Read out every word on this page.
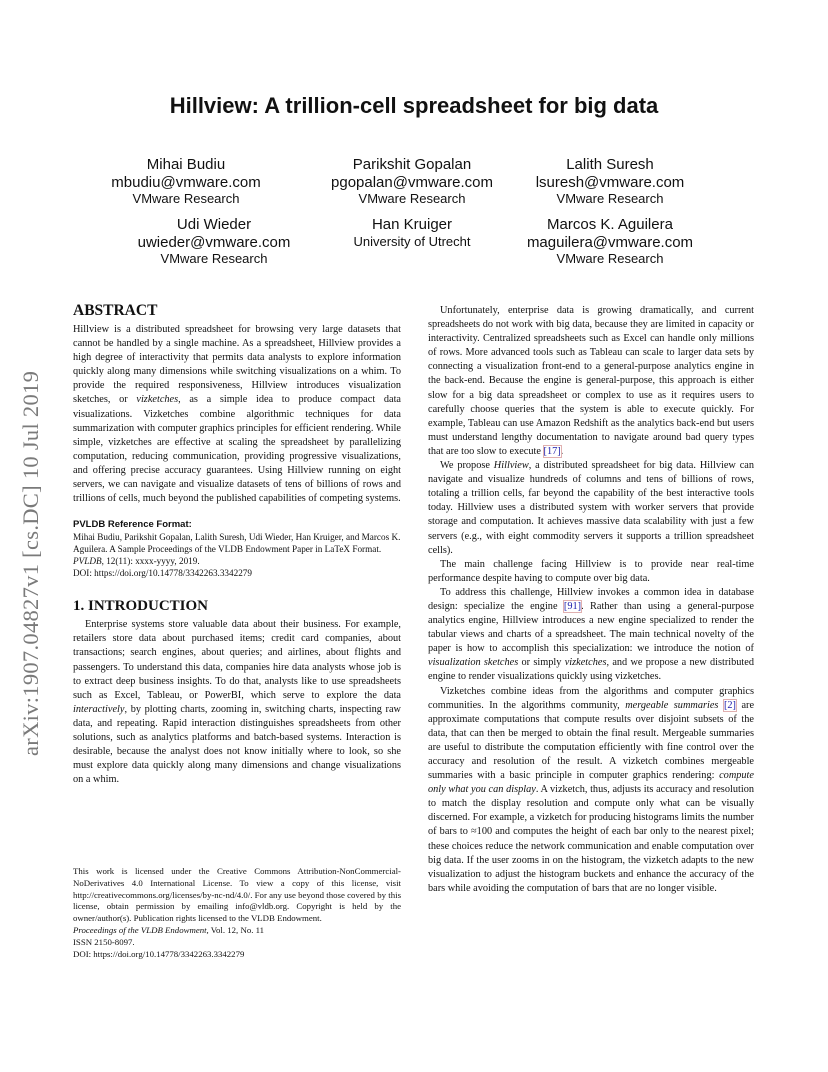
arXiv:1907.04827v1 [cs.DC] 10 Jul 2019
Hillview: A trillion-cell spreadsheet for big data
Mihai Budiu
mbudiu@vmware.com
VMware Research
Parikshit Gopalan
pgopalan@vmware.com
VMware Research
Lalith Suresh
lsuresh@vmware.com
VMware Research
Udi Wieder
uwieder@vmware.com
VMware Research
Han Kruiger
University of Utrecht
Marcos K. Aguilera
maguilera@vmware.com
VMware Research
ABSTRACT

Hillview is a distributed spreadsheet for browsing very large datasets that cannot be handled by a single machine. As a spreadsheet, Hillview provides a high degree of interactivity that permits data analysts to explore information quickly along many dimensions while switching visualizations on a whim. To provide the required responsiveness, Hillview introduces visualization sketches, or vizketches, as a simple idea to produce compact data visualizations. Vizketches combine algorithmic techniques for data summarization with computer graphics principles for efficient rendering. While simple, vizketches are effective at scaling the spreadsheet by parallelizing computation, reducing communication, providing progressive visualizations, and offering precise accuracy guarantees. Using Hillview running on eight servers, we can navigate and visualize datasets of tens of billions of rows and trillions of cells, much beyond the published capabilities of competing systems.

PVLDB Reference Format:
Mihai Budiu, Parikshit Gopalan, Lalith Suresh, Udi Wieder, Han Kruiger, and Marcos K. Aguilera. A Sample Proceedings of the VLDB Endowment Paper in LaTeX Format. PVLDB, 12(11): xxxx-yyyy, 2019.
DOI: https://doi.org/10.14778/3342263.3342279
1. INTRODUCTION

Enterprise systems store valuable data about their business. For example, retailers store data about purchased items; credit card companies, about transactions; search engines, about queries; and airlines, about flights and passengers. To understand this data, companies hire data analysts whose job is to extract deep business insights. To do that, analysts like to use spreadsheets such as Excel, Tableau, or PowerBI, which serve to explore the data interactively, by plotting charts, zooming in, switching charts, inspecting raw data, and repeating. Rapid interaction distinguishes spreadsheets from other solutions, such as analytics platforms and batch-based systems. Interaction is desirable, because the analyst does not know initially where to look, so she must explore data quickly along many dimensions and change visualizations on a whim.

This work is licensed under the Creative Commons Attribution-NonCommercial-NoDerivatives 4.0 International License. To view a copy of this license, visit http://creativecommons.org/licenses/by-nc-nd/4.0/. For any use beyond those covered by this license, obtain permission by emailing info@vldb.org. Copyright is held by the owner/author(s). Publication rights licensed to the VLDB Endowment.

Proceedings of the VLDB Endowment, Vol. 12, No. 11

ISSN 2150-8097.

DOI: https://doi.org/10.14778/3342263.3342279

Unfortunately, enterprise data is growing dramatically, and current spreadsheets do not work with big data, because they are limited in capacity or interactivity. Centralized spreadsheets such as Excel can handle only millions of rows. More advanced tools such as Tableau can scale to larger data sets by connecting a visualization front-end to a general-purpose analytics engine in the back-end. Because the engine is general-purpose, this approach is either slow for a big data spreadsheet or complex to use as it requires users to carefully choose queries that the system is able to execute quickly. For example, Tableau can use Amazon Redshift as the analytics back-end but users must understand lengthy documentation to navigate around bad query types that are too slow to execute [17].

We propose Hillview, a distributed spreadsheet for big data. Hillview can navigate and visualize hundreds of columns and tens of billions of rows, totaling a trillion cells, far beyond the capability of the best interactive tools today. Hillview uses a distributed system with worker servers that provide storage and computation. It achieves massive data scalability with just a few servers (e.g., with eight commodity servers it supports a trillion spreadsheet cells).

The main challenge facing Hillview is to provide near real-time performance despite having to compute over big data.

To address this challenge, Hillview invokes a common idea in database design: specialize the engine [91]. Rather than using a general-purpose analytics engine, Hillview introduces a new engine specialized to render the tabular views and charts of a spreadsheet. The main technical novelty of the paper is how to accomplish this specialization: we introduce the notion of visualization sketches or simply vizketches, and we propose a new distributed engine to render visualizations quickly using vizketches.

Vizketches combine ideas from the algorithms and computer graphics communities. In the algorithms community, mergeable summaries [2] are approximate computations that compute results over disjoint subsets of the data, that can then be merged to obtain the final result. Mergeable summaries are useful to distribute the computation efficiently with fine control over the accuracy and resolution of the result. A vizketch combines mergeable summaries with a basic principle in computer graphics rendering: compute only what you can display. A vizketch, thus, adjusts its accuracy and resolution to match the display resolution and compute only what can be visually discerned. For example, a vizketch for producing histograms limits the number of bars to ≈100 and computes the height of each bar only to the nearest pixel; these choices reduce the network communication and enable computation over big data. If the user zooms in on the histogram, the vizketch adapts to the new visualization to adjust the histogram buckets and enhance the accuracy of the bars while avoiding the computation of bars that are no longer visible.
